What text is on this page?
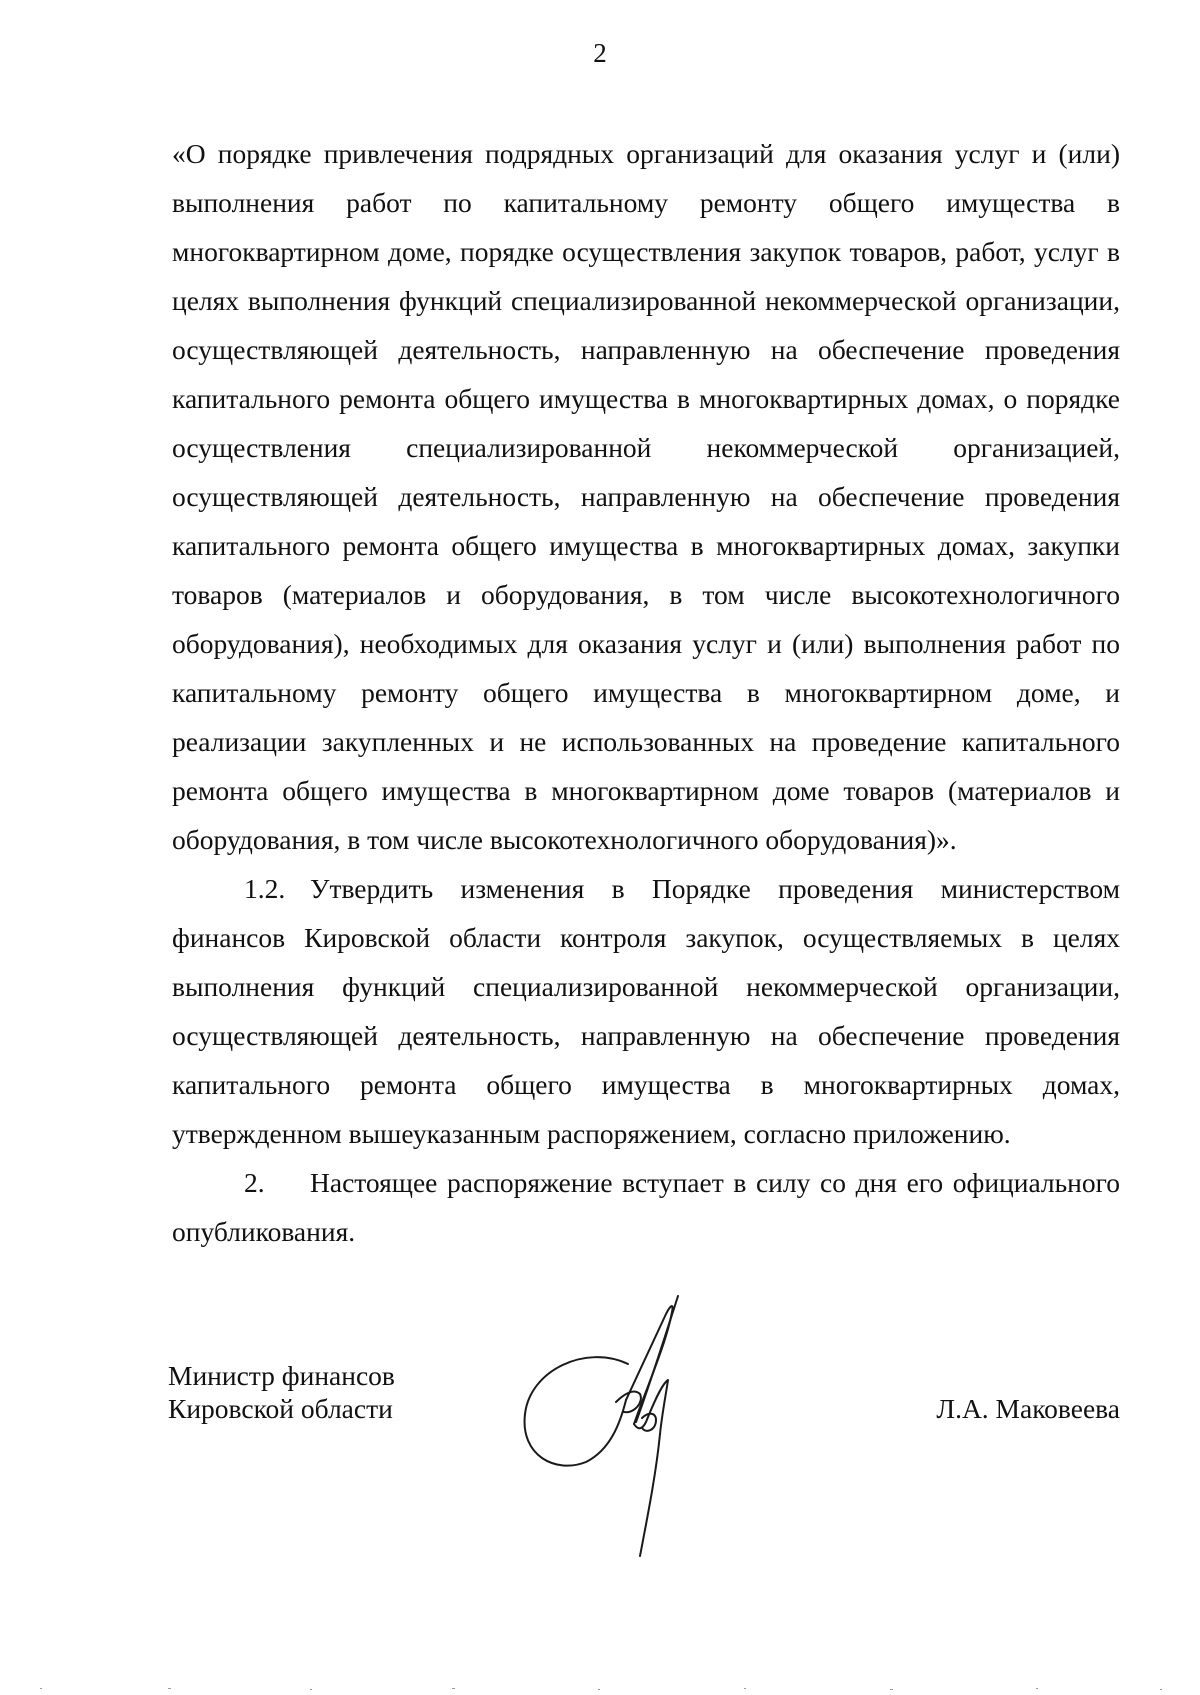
2

«О порядке привлечения подрядных организаций для оказания услуг и (или) выполнения работ по капитальному ремонту общего имущества в многоквартирном доме, порядке осуществления закупок товаров, работ, услуг в целях выполнения функций специализированной некоммерческой организации, осуществляющей деятельность, направленную на обеспечение проведения капитального ремонта общего имущества в многоквартирных домах, о порядке осуществления специализированной некоммерческой организацией, осуществляющей деятельность, направленную на обеспечение проведения капитального ремонта общего имущества в многоквартирных домах, закупки товаров (материалов и оборудования, в том числе высокотехнологичного оборудования), необходимых для оказания услуг и (или) выполнения работ по капитальному ремонту общего имущества в многоквартирном доме, и реализации закупленных и не использованных на проведение капитального ремонта общего имущества в многоквартирном доме товаров (материалов и оборудования, в том числе высокотехнологичного оборудования)».

1.2. Утвердить изменения в Порядке проведения министерством финансов Кировской области контроля закупок, осуществляемых в целях выполнения функций специализированной некоммерческой организации, осуществляющей деятельность, направленную на обеспечение проведения капитального ремонта общего имущества в многоквартирных домах, утвержденном вышеуказанным распоряжением, согласно приложению.

2. Настоящее распоряжение вступает в силу со дня его официального опубликования.

Министр финансов
Кировской области	Л.А. Маковеева
